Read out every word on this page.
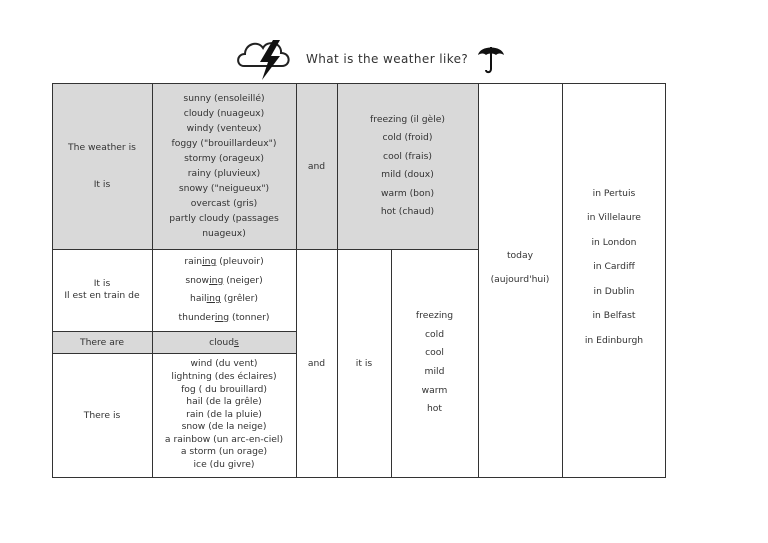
What is the weather like?
The weather is
It is
sunny (ensoleillé)
cloudy (nuageux)
windy (venteux)
foggy ("brouillardeux")
stormy (orageux)
rainy (pluvieux)
snowy ("neigueux")
overcast (gris)
partly cloudy (passages
nuageux)
and
freezing (il gèle)
cold (froid)
cool (frais)
mild (doux)
warm (bon)
hot (chaud)
It is
Il est en train de
raining (pleuvoir)
snowing (neiger)
hailing (grêler)
thundering (tonner)
There are	clouds
There is
wind (du vent)
lightning (des éclaires)
fog ( du brouillard)
hail (de la grêle)
rain (de la pluie)
snow (de la neige)
a rainbow (un arc-en-ciel)
a storm (un orage)
ice (du givre)
and	it is
freezing
cold
cool
mild
warm
hot
today
(aujourd'hui)
in Pertuis
in Villelaure
in London
in Cardiff
in Dublin
in Belfast
in Edinburgh
